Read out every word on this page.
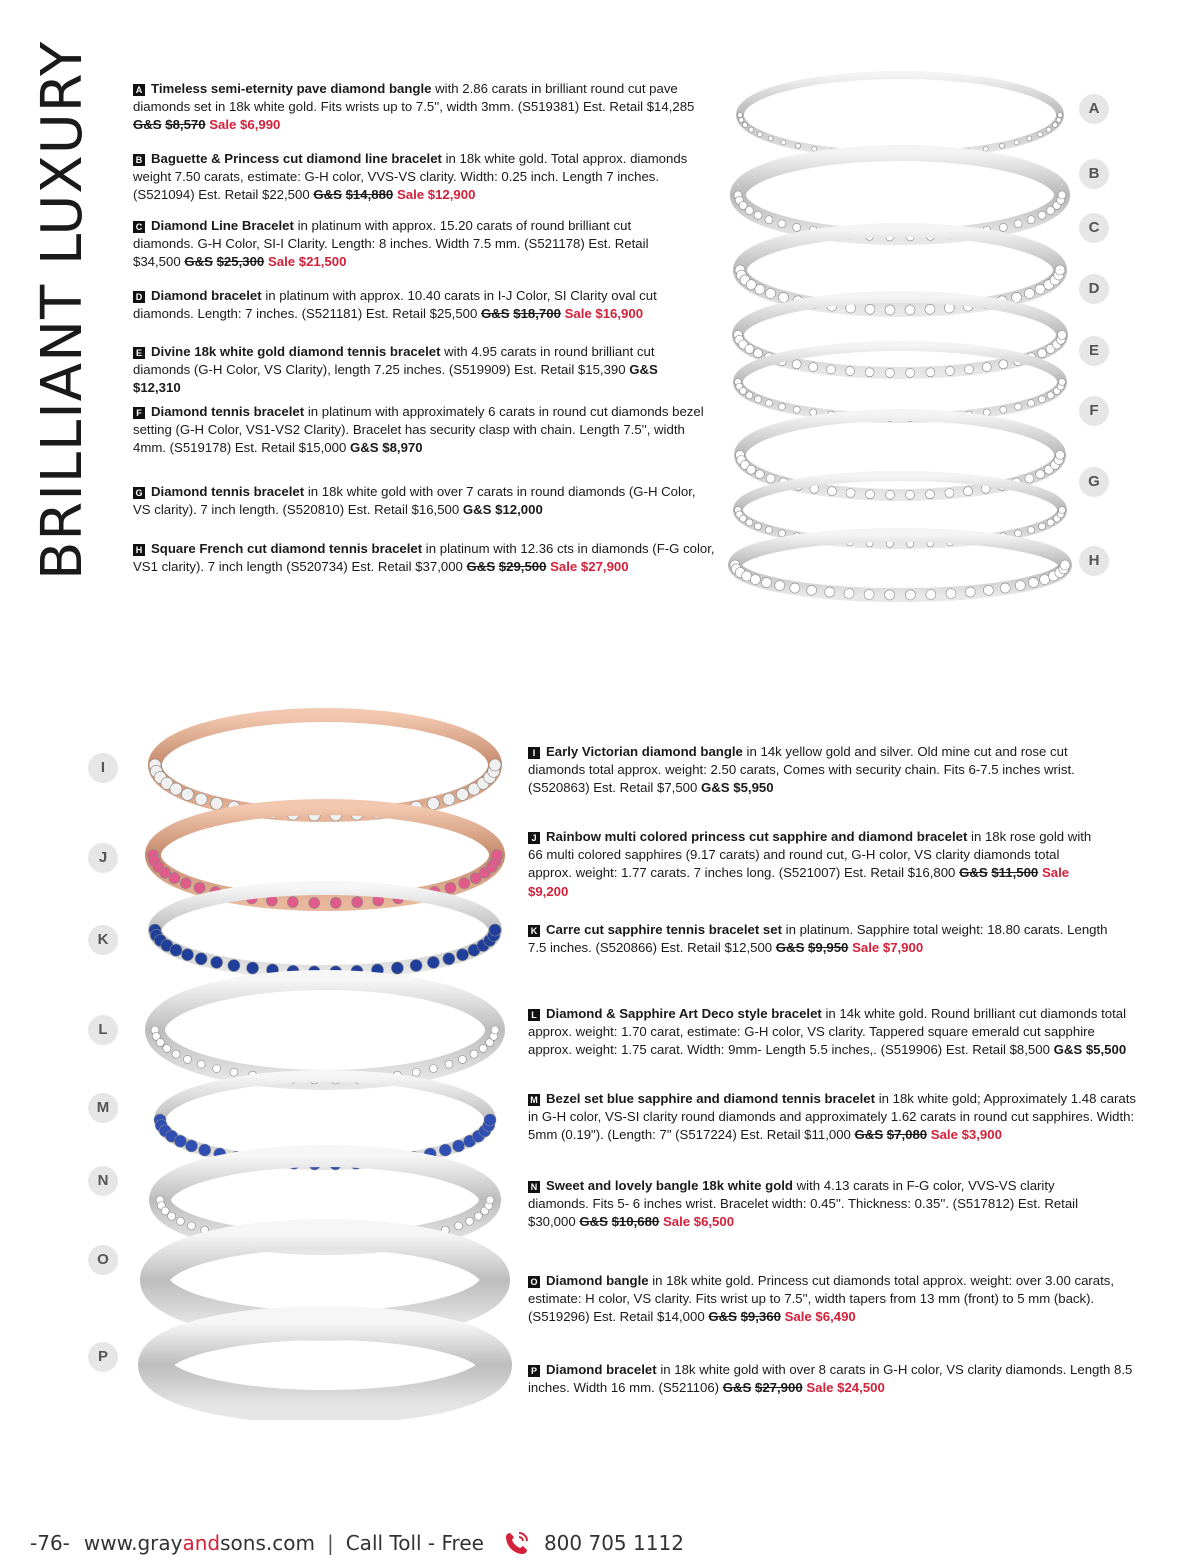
BRILLIANT LUXURY	A Timeless semi-eternity pave diamond bangle with 2.86 carats in brilliant round cut pave diamonds set in 18k white gold. Fits wrists up to 7.5'', width 3mm. (S519381) Est. Retail $14,285 G&S $8,570 Sale $6,990
B Baguette & Princess cut diamond line bracelet in 18k white gold. Total approx. diamonds weight 7.50 carats, estimate: G-H color, VVS-VS clarity. Width: 0.25 inch. Length 7 inches. (S521094) Est. Retail $22,500 G&S $14,880 Sale $12,900
C Diamond Line Bracelet in platinum with approx. 15.20 carats of round brilliant cut diamonds. G-H Color, SI-I Clarity. Length: 8 inches. Width 7.5 mm. (S521178) Est. Retail $34,500 G&S $25,300 Sale $21,500
D Diamond bracelet in platinum with approx. 10.40 carats in I-J Color, SI Clarity oval cut diamonds. Length: 7 inches. (S521181) Est. Retail $25,500 G&S $18,700 Sale $16,900
E Divine 18k white gold diamond tennis bracelet with 4.95 carats in round brilliant cut diamonds (G-H Color, VS Clarity), length 7.25 inches. (S519909) Est. Retail $15,390 G&S $12,310
F Diamond tennis bracelet in platinum with approximately 6 carats in round cut diamonds bezel setting (G-H Color, VS1-VS2 Clarity). Bracelet has security clasp with chain. Length 7.5'', width 4mm. (S519178) Est. Retail $15,000 G&S $8,970
G Diamond tennis bracelet in 18k white gold with over 7 carats in round diamonds (G-H Color, VS clarity). 7 inch length. (S520810) Est. Retail $16,500 G&S $12,000
H Square French cut diamond tennis bracelet in platinum with 12.36 cts in diamonds (F-G color, VS1 clarity). 7 inch length (S520734) Est. Retail $37,000 G&S $29,500 Sale $27,900
I Early Victorian diamond bangle in 14k yellow gold and silver. Old mine cut and rose cut diamonds total approx. weight: 2.50 carats, Comes with security chain. Fits 6-7.5 inches wrist. (S520863) Est. Retail $7,500 G&S $5,950
J Rainbow multi colored princess cut sapphire and diamond bracelet in 18k rose gold with 66 multi colored sapphires (9.17 carats) and round cut, G-H color, VS clarity diamonds total approx. weight: 1.77 carats. 7 inches long. (S521007) Est. Retail $16,800 G&S $11,500 Sale $9,200
K Carre cut sapphire tennis bracelet set in platinum. Sapphire total weight: 18.80 carats. Length 7.5 inches. (S520866) Est. Retail $12,500 G&S $9,950 Sale $7,900
L Diamond & Sapphire Art Deco style bracelet in 14k white gold. Round brilliant cut diamonds total approx. weight: 1.70 carat, estimate: G-H color, VS clarity. Tappered square emerald cut sapphire approx. weight: 1.75 carat. Width: 9mm- Length 5.5 inches,. (S519906) Est. Retail $8,500 G&S $5,500
M Bezel set blue sapphire and diamond tennis bracelet in 18k white gold; Approximately 1.48 carats in G-H color, VS-SI clarity round diamonds and approximately 1.62 carats in round cut sapphires. Width: 5mm (0.19"). (Length: 7" (S517224) Est. Retail $11,000 G&S $7,080 Sale $3,900
N Sweet and lovely bangle 18k white gold with 4.13 carats in F-G color, VVS-VS clarity diamonds. Fits 5- 6 inches wrist. Bracelet width: 0.45''. Thickness: 0.35''. (S517812) Est. Retail $30,000 G&S $10,680 Sale $6,500
O Diamond bangle in 18k white gold. Princess cut diamonds total approx. weight: over 3.00 carats, estimate: H color, VS clarity. Fits wrist up to 7.5'', width tapers from 13 mm (front) to 5 mm (back). (S519296) Est. Retail $14,000 G&S $9,360 Sale $6,490
P Diamond bracelet in 18k white gold with over 8 carats in G-H color, VS clarity diamonds. Length 8.5 inches. Width 16 mm. (S521106) G&S $27,900 Sale $24,500
A
B
C
D
E
F
G
H
I
J
K
L
M
N
O
P
-76- www.grayandsons.com | Call Toll - Free	800 705 1112
